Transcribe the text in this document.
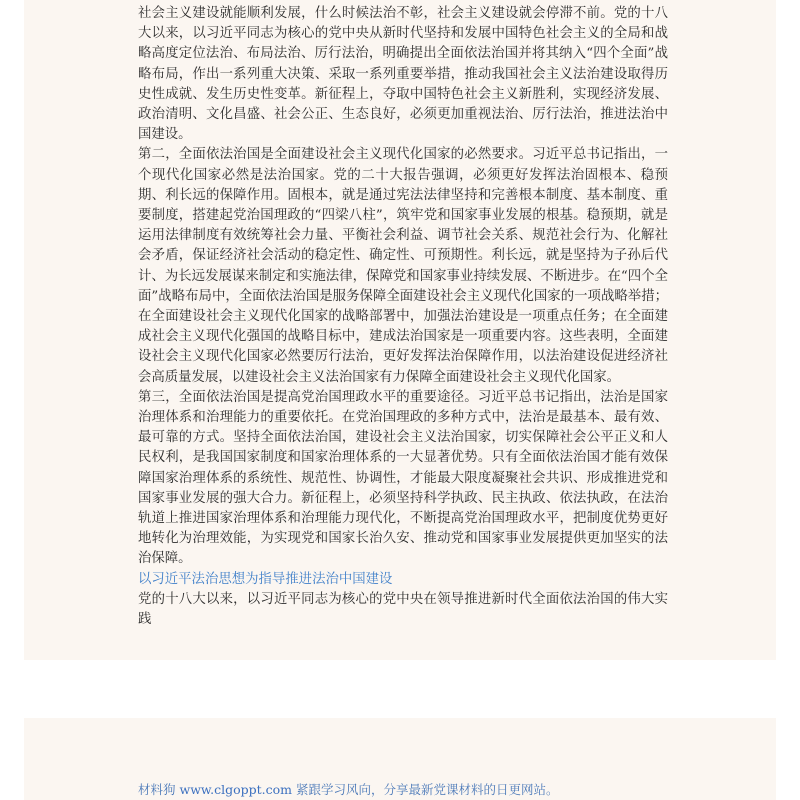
社会主义建设就能顺利发展，什么时候法治不彰，社会主义建设就会停滞不前。党的十八大以来，以习近平同志为核心的党中央从新时代坚持和发展中国特色社会主义的全局和战略高度定位法治、布局法治、厉行法治，明确提出全面依法治国并将其纳入“四个全面”战略布局，作出一系列重大决策、采取一系列重要举措，推动我国社会主义法治建设取得历史性成就、发生历史性变革。新征程上，夺取中国特色社会主义新胜利，实现经济发展、政治清明、文化昌盛、社会公正、生态良好，必须更加重视法治、厉行法治，推进法治中国建设。

第二，全面依法治国是全面建设社会主义现代化国家的必然要求。习近平总书记指出，一个现代化国家必然是法治国家。党的二十大报告强调，必须更好发挥法治固根本、稳预期、利长远的保障作用。固根本，就是通过宪法法律坚持和完善根本制度、基本制度、重要制度，搭建起党治国理政的“四梁八柱”，筑牢党和国家事业发展的根基。稳预期，就是运用法律制度有效统筹社会力量、平衡社会利益、调节社会关系、规范社会行为、化解社会矛盾，保证经济社会活动的稳定性、确定性、可预期性。利长远，就是坚持为子孙后代计、为长远发展谋来制定和实施法律，保障党和国家事业持续发展、不断进步。在“四个全面”战略布局中，全面依法治国是服务保障全面建设社会主义现代化国家的一项战略举措；在全面建设社会主义现代化国家的战略部署中，加强法治建设是一项重点任务；在全面建成社会主义现代化强国的战略目标中，建成法治国家是一项重要内容。这些表明，全面建设社会主义现代化国家必然要厉行法治，更好发挥法治保障作用，以法治建设促进经济社会高质量发展，以建设社会主义法治国家有力保障全面建设社会主义现代化国家。

第三，全面依法治国是提高党治国理政水平的重要途径。习近平总书记指出，法治是国家治理体系和治理能力的重要依托。在党治国理政的多种方式中，法治是最基本、最有效、最可靠的方式。坚持全面依法治国，建设社会主义法治国家，切实保障社会公平正义和人民权利，是我国国家制度和国家治理体系的一大显著优势。只有全面依法治国才能有效保障国家治理体系的系统性、规范性、协调性，才能最大限度凝聚社会共识、形成推进党和国家事业发展的强大合力。新征程上，必须坚持科学执政、民主执政、依法执政，在法治轨道上推进国家治理体系和治理能力现代化，不断提高党治国理政水平，把制度优势更好地转化为治理效能，为实现党和国家长治久安、推动党和国家事业发展提供更加坚实的法治保障。

以习近平法治思想为指导推进法治中国建设

党的十八大以来，以习近平同志为核心的党中央在领导推进新时代全面依法治国的伟大实践

材料狗 www.clgoppt.com 紧跟学习风向，分享最新党课材料的日更网站。
